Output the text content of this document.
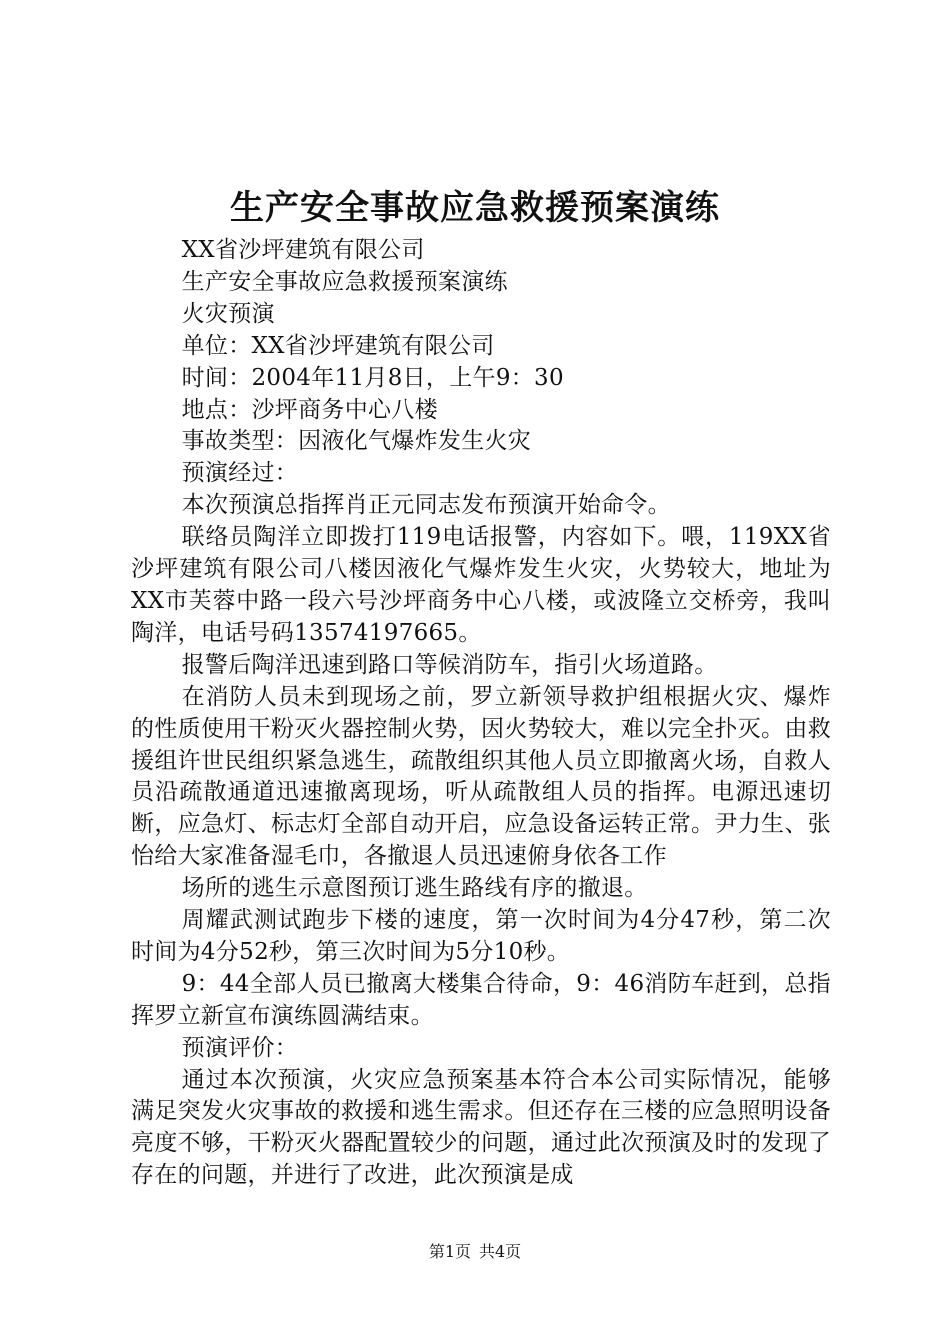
生产安全事故应急救援预案演练

XX省沙坪建筑有限公司

生产安全事故应急救援预案演练

火灾预演

单位：XX省沙坪建筑有限公司

时间：2004年11月8日，上午9：30

地点：沙坪商务中心八楼

事故类型：因液化气爆炸发生火灾

预演经过：

本次预演总指挥肖正元同志发布预演开始命令。

联络员陶洋立即拨打119电话报警，内容如下。喂，119XX省沙坪建筑有限公司八楼因液化气爆炸发生火灾，火势较大，地址为XX市芙蓉中路一段六号沙坪商务中心八楼，或波隆立交桥旁，我叫陶洋，电话号码13574197665。

报警后陶洋迅速到路口等候消防车，指引火场道路。

在消防人员未到现场之前，罗立新领导救护组根据火灾、爆炸的性质使用干粉灭火器控制火势，因火势较大，难以完全扑灭。由救援组许世民组织紧急逃生，疏散组织其他人员立即撤离火场，自救人员沿疏散通道迅速撤离现场，听从疏散组人员的指挥。电源迅速切断，应急灯、标志灯全部自动开启，应急设备运转正常。尹力生、张怡给大家准备湿毛巾，各撤退人员迅速俯身依各工作

场所的逃生示意图预订逃生路线有序的撤退。

周耀武测试跑步下楼的速度，第一次时间为4分47秒，第二次时间为4分52秒，第三次时间为5分10秒。

9：44全部人员已撤离大楼集合待命，9：46消防车赶到，总指挥罗立新宣布演练圆满结束。

预演评价：

通过本次预演，火灾应急预案基本符合本公司实际情况，能够满足突发火灾事故的救援和逃生需求。但还存在三楼的应急照明设备亮度不够，干粉灭火器配置较少的问题，通过此次预演及时的发现了存在的问题，并进行了改进，此次预演是成

第1页 共4页
